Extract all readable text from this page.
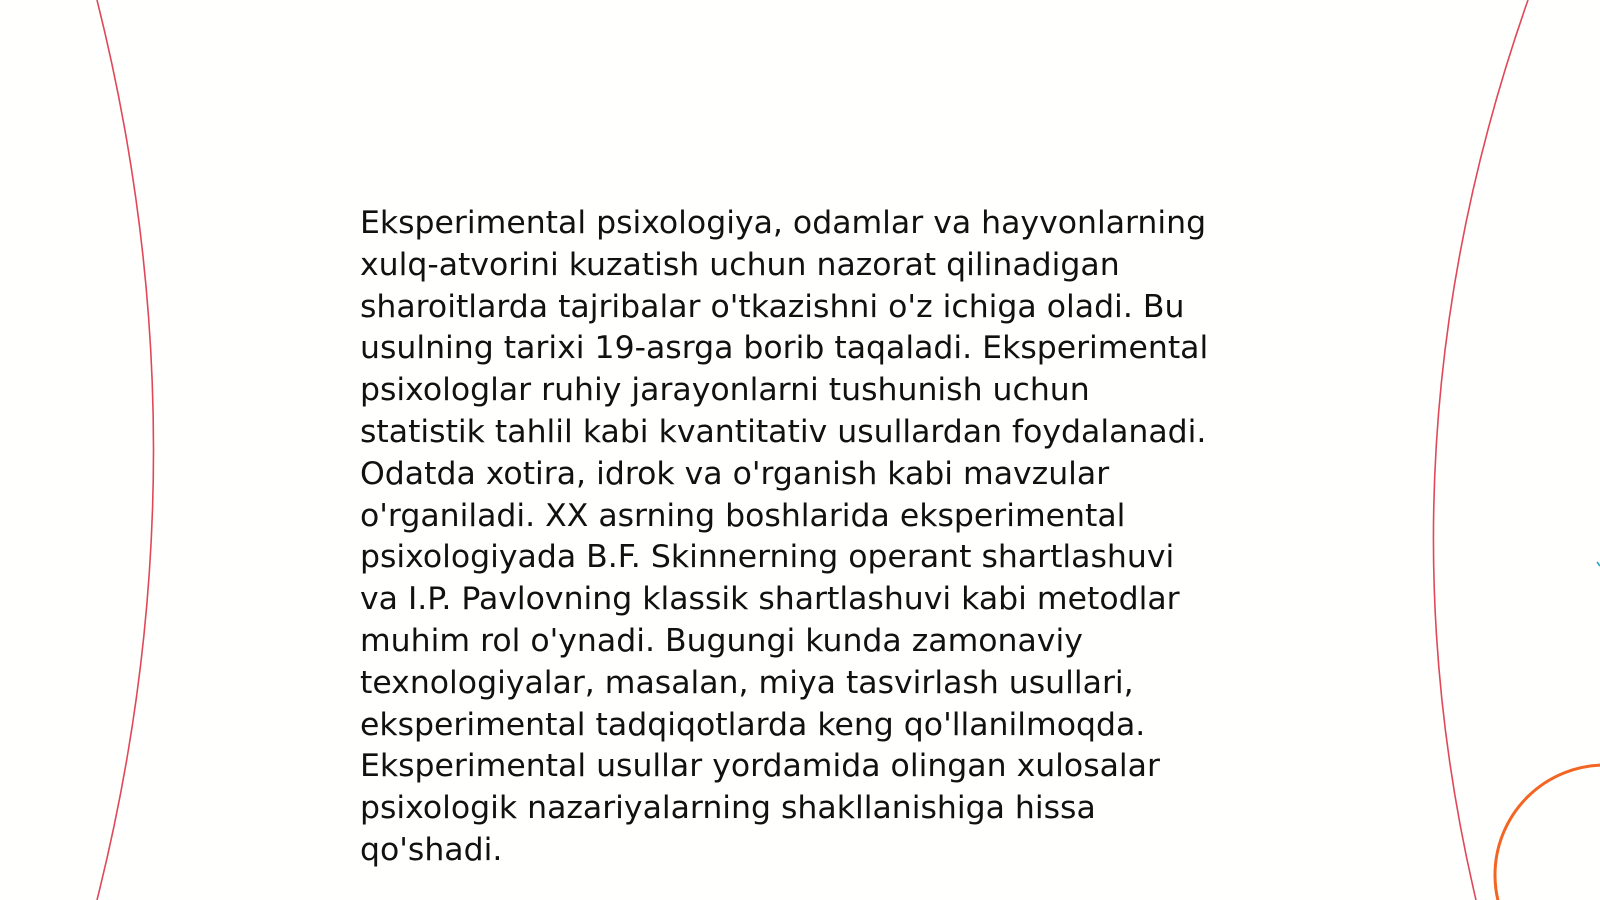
Eksperimental psixologiya, odamlar va hayvonlarning
xulq-atvorini kuzatish uchun nazorat qilinadigan
sharoitlarda tajribalar o'tkazishni o'z ichiga oladi. Bu
usulning tarixi 19-asrga borib taqaladi. Eksperimental
psixologlar ruhiy jarayonlarni tushunish uchun
statistik tahlil kabi kvantitativ usullardan foydalanadi.
Odatda xotira, idrok va o'rganish kabi mavzular
o'rganiladi. XX asrning boshlarida eksperimental
psixologiyada B.F. Skinnerning operant shartlashuvi
va I.P. Pavlovning klassik shartlashuvi kabi metodlar
muhim rol o'ynadi. Bugungi kunda zamonaviy
texnologiyalar, masalan, miya tasvirlash usullari,
eksperimental tadqiqotlarda keng qo'llanilmoqda.
Eksperimental usullar yordamida olingan xulosalar
psixologik nazariyalarning shakllanishiga hissa
qo'shadi.
